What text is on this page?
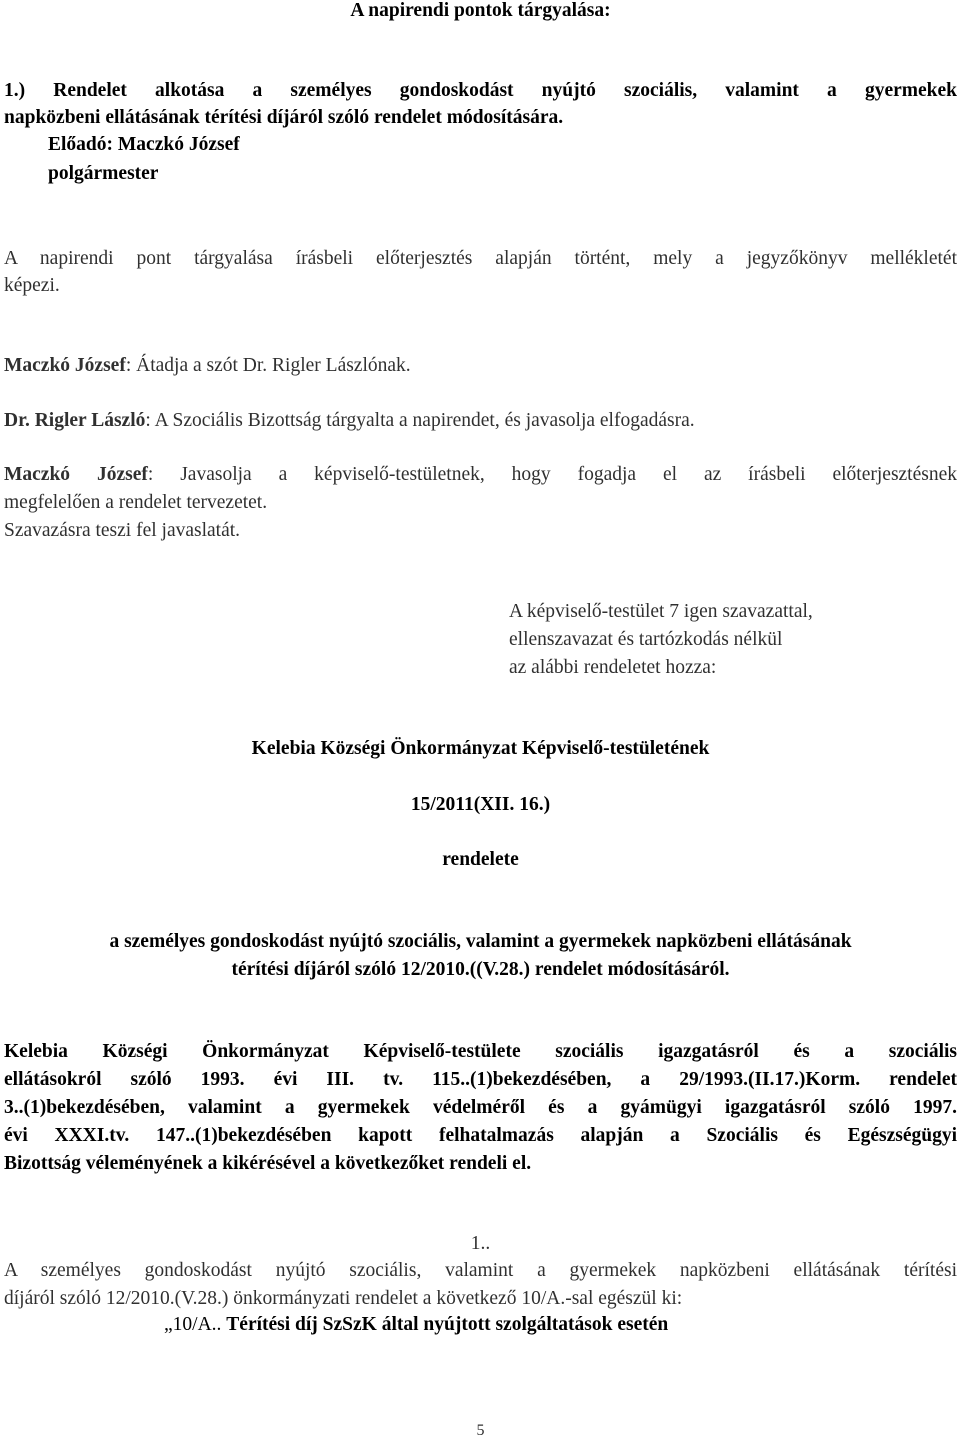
A napirendi pontok tárgyalása:
1.) Rendelet alkotása a személyes gondoskodást nyújtó szociális, valamint a gyermekek
napközbeni ellátásának térítési díjáról szóló rendelet módosítására.
Előadó: Maczkó József
polgármester
A napirendi pont tárgyalása írásbeli előterjesztés alapján történt, mely a jegyzőkönyv mellékletét
képezi.
Maczkó József: Átadja a szót Dr. Rigler Lászlónak.
Dr. Rigler László: A Szociális Bizottság tárgyalta a napirendet, és javasolja elfogadásra.
Maczkó József: Javasolja a képviselő-testületnek, hogy fogadja el az írásbeli előterjesztésnek
megfelelően a rendelet tervezetet.
Szavazásra teszi fel javaslatát.
A képviselő-testület 7 igen szavazattal,
ellenszavazat és tartózkodás nélkül
az alábbi rendeletet hozza:
Kelebia Községi Önkormányzat Képviselő-testületének
15/2011(XII. 16.)
rendelete
a személyes gondoskodást nyújtó szociális, valamint a gyermekek napközbeni ellátásának
térítési díjáról szóló 12/2010.((V.28.) rendelet módosításáról.
Kelebia Községi Önkormányzat Képviselő-testülete szociális igazgatásról és a szociális
ellátásokról szóló 1993. évi III. tv. 115..(1)bekezdésében, a 29/1993.(II.17.)Korm. rendelet
3..(1)bekezdésében, valamint a gyermekek védelméről és a gyámügyi igazgatásról szóló 1997.
évi XXXI.tv. 147..(1)bekezdésében kapott felhatalmazás alapján a Szociális és Egészségügyi
Bizottság véleményének a kikérésével a következőket rendeli el.
1..
A személyes gondoskodást nyújtó szociális, valamint a gyermekek napközbeni ellátásának térítési
díjáról szóló 12/2010.(V.28.) önkormányzati rendelet a következő 10/A.-sal egészül ki:
„10/A.. Térítési díj SzSzK által nyújtott szolgáltatások esetén
5
